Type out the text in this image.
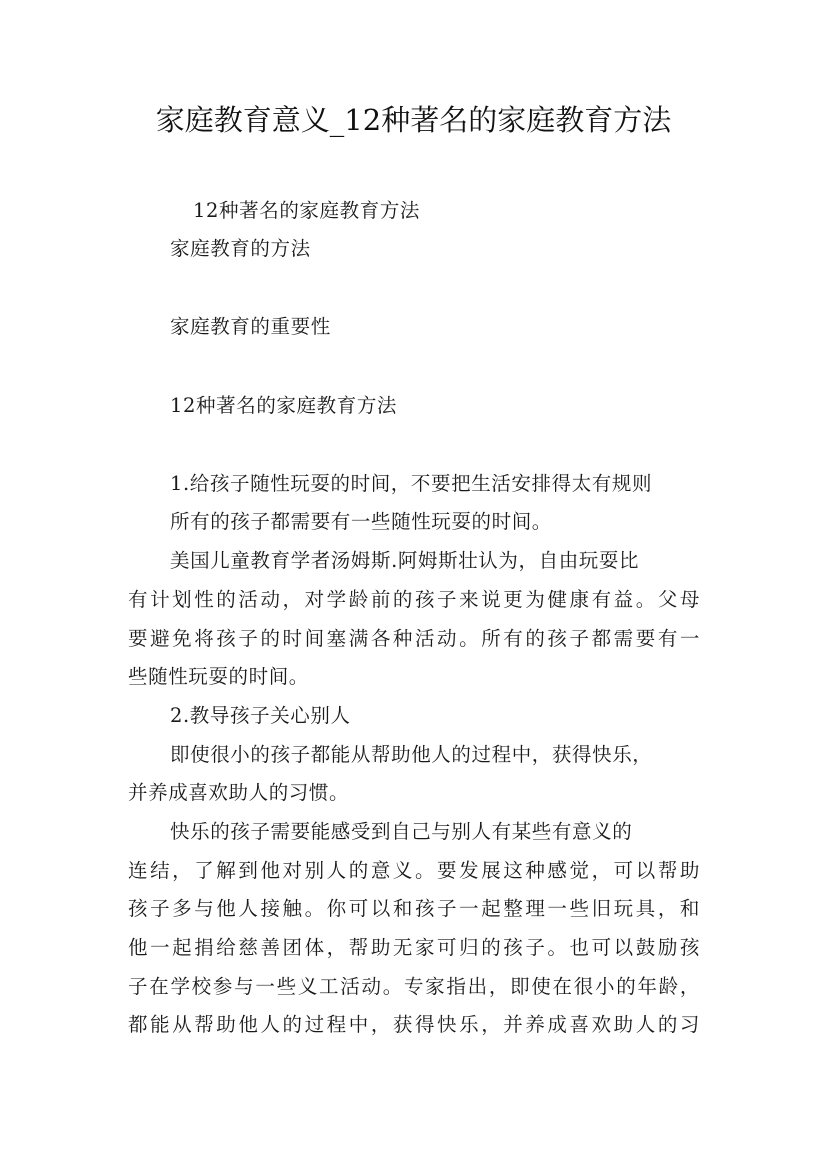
家庭教育意义_12种著名的家庭教育方法
12种著名的家庭教育方法
家庭教育的方法
家庭教育的重要性
12种著名的家庭教育方法
1.给孩子随性玩耍的时间，不要把生活安排得太有规则
所有的孩子都需要有一些随性玩耍的时间。
美国儿童教育学者汤姆斯.阿姆斯壮认为，自由玩耍比
有计划性的活动，对学龄前的孩子来说更为健康有益。父母
要避免将孩子的时间塞满各种活动。所有的孩子都需要有一
些随性玩耍的时间。
2.教导孩子关心别人
即使很小的孩子都能从帮助他人的过程中，获得快乐，
并养成喜欢助人的习惯。
快乐的孩子需要能感受到自己与别人有某些有意义的
连结，了解到他对别人的意义。要发展这种感觉，可以帮助
孩子多与他人接触。你可以和孩子一起整理一些旧玩具，和
他一起捐给慈善团体，帮助无家可归的孩子。也可以鼓励孩
子在学校参与一些义工活动。专家指出，即使在很小的年龄，
都能从帮助他人的过程中，获得快乐，并养成喜欢助人的习
